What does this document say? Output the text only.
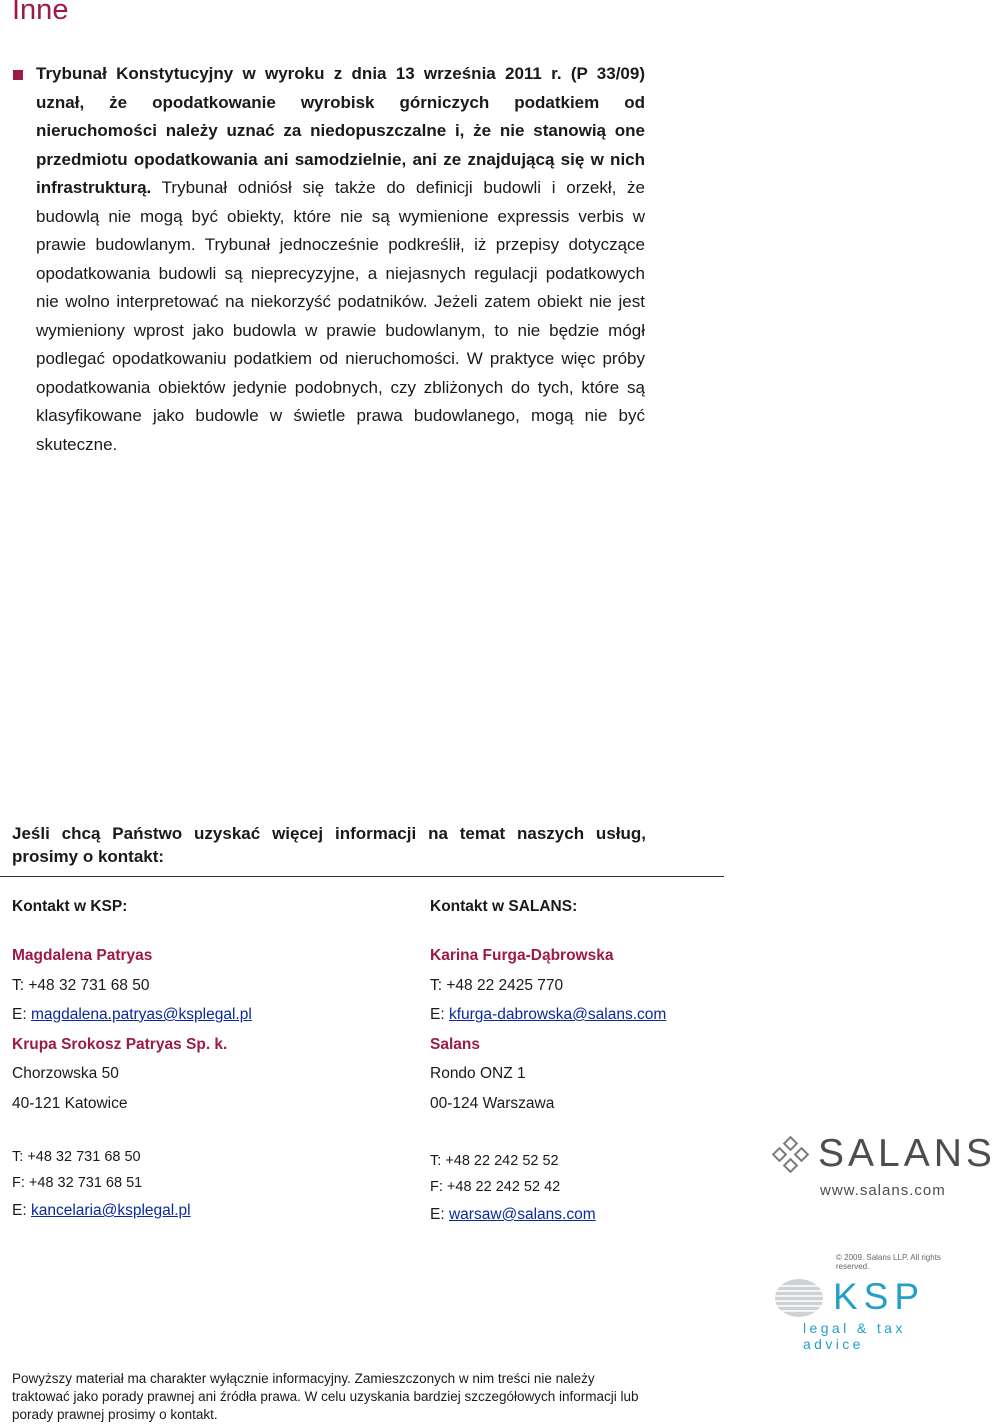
Inne
Trybunał Konstytucyjny w wyroku z dnia 13 września 2011 r. (P 33/09) uznał, że opodatkowanie wyrobisk górniczych podatkiem od nieruchomości należy uznać za niedopuszczalne i, że nie stanowią one przedmiotu opodatkowania ani samodzielnie, ani ze znajdującą się w nich infrastrukturą. Trybunał odniósł się także do definicji budowli i orzekł, że budowlą nie mogą być obiekty, które nie są wymienione expressis verbis w prawie budowlanym. Trybunał jednocześnie podkreślił, iż przepisy dotyczące opodatkowania budowli są nieprecyzyjne, a niejasnych regulacji podatkowych nie wolno interpretować na niekorzyść podatników. Jeżeli zatem obiekt nie jest wymieniony wprost jako budowla w prawie budowlanym, to nie będzie mógł podlegać opodatkowaniu podatkiem od nieruchomości. W praktyce więc próby opodatkowania obiektów jedynie podobnych, czy zbliżonych do tych, które są klasyfikowane jako budowle w świetle prawa budowlanego, mogą nie być skuteczne.
Jeśli chcą Państwo uzyskać więcej informacji na temat naszych usług, prosimy o kontakt:
Kontakt w KSP:
Magdalena Patryas
T: +48 32 731 68 50
E: magdalena.patryas@ksplegal.pl
Krupa Srokosz Patryas Sp. k.
Chorzowska 50
40-121 Katowice
T: +48 32 731 68 50
F: +48 32 731 68 51
E: kancelaria@ksplegal.pl
Kontakt w SALANS:
Karina Furga-Dąbrowska
T: +48 22 2425 770
E: kfurga-dabrowska@salans.com
Salans
Rondo ONZ 1
00-124 Warszawa
T: +48 22 242 52 52
F: +48 22 242 52 42
E: warsaw@salans.com
SALANS
www.salans.com
© 2009. Salans LLP. All rights reserved.
KSP
legal & tax advice
Powyższy materiał ma charakter wyłącznie informacyjny. Zamieszczonych w nim treści nie należy traktować jako porady prawnej ani źródła prawa. W celu uzyskania bardziej szczegółowych informacji lub porady prawnej prosimy o kontakt.
